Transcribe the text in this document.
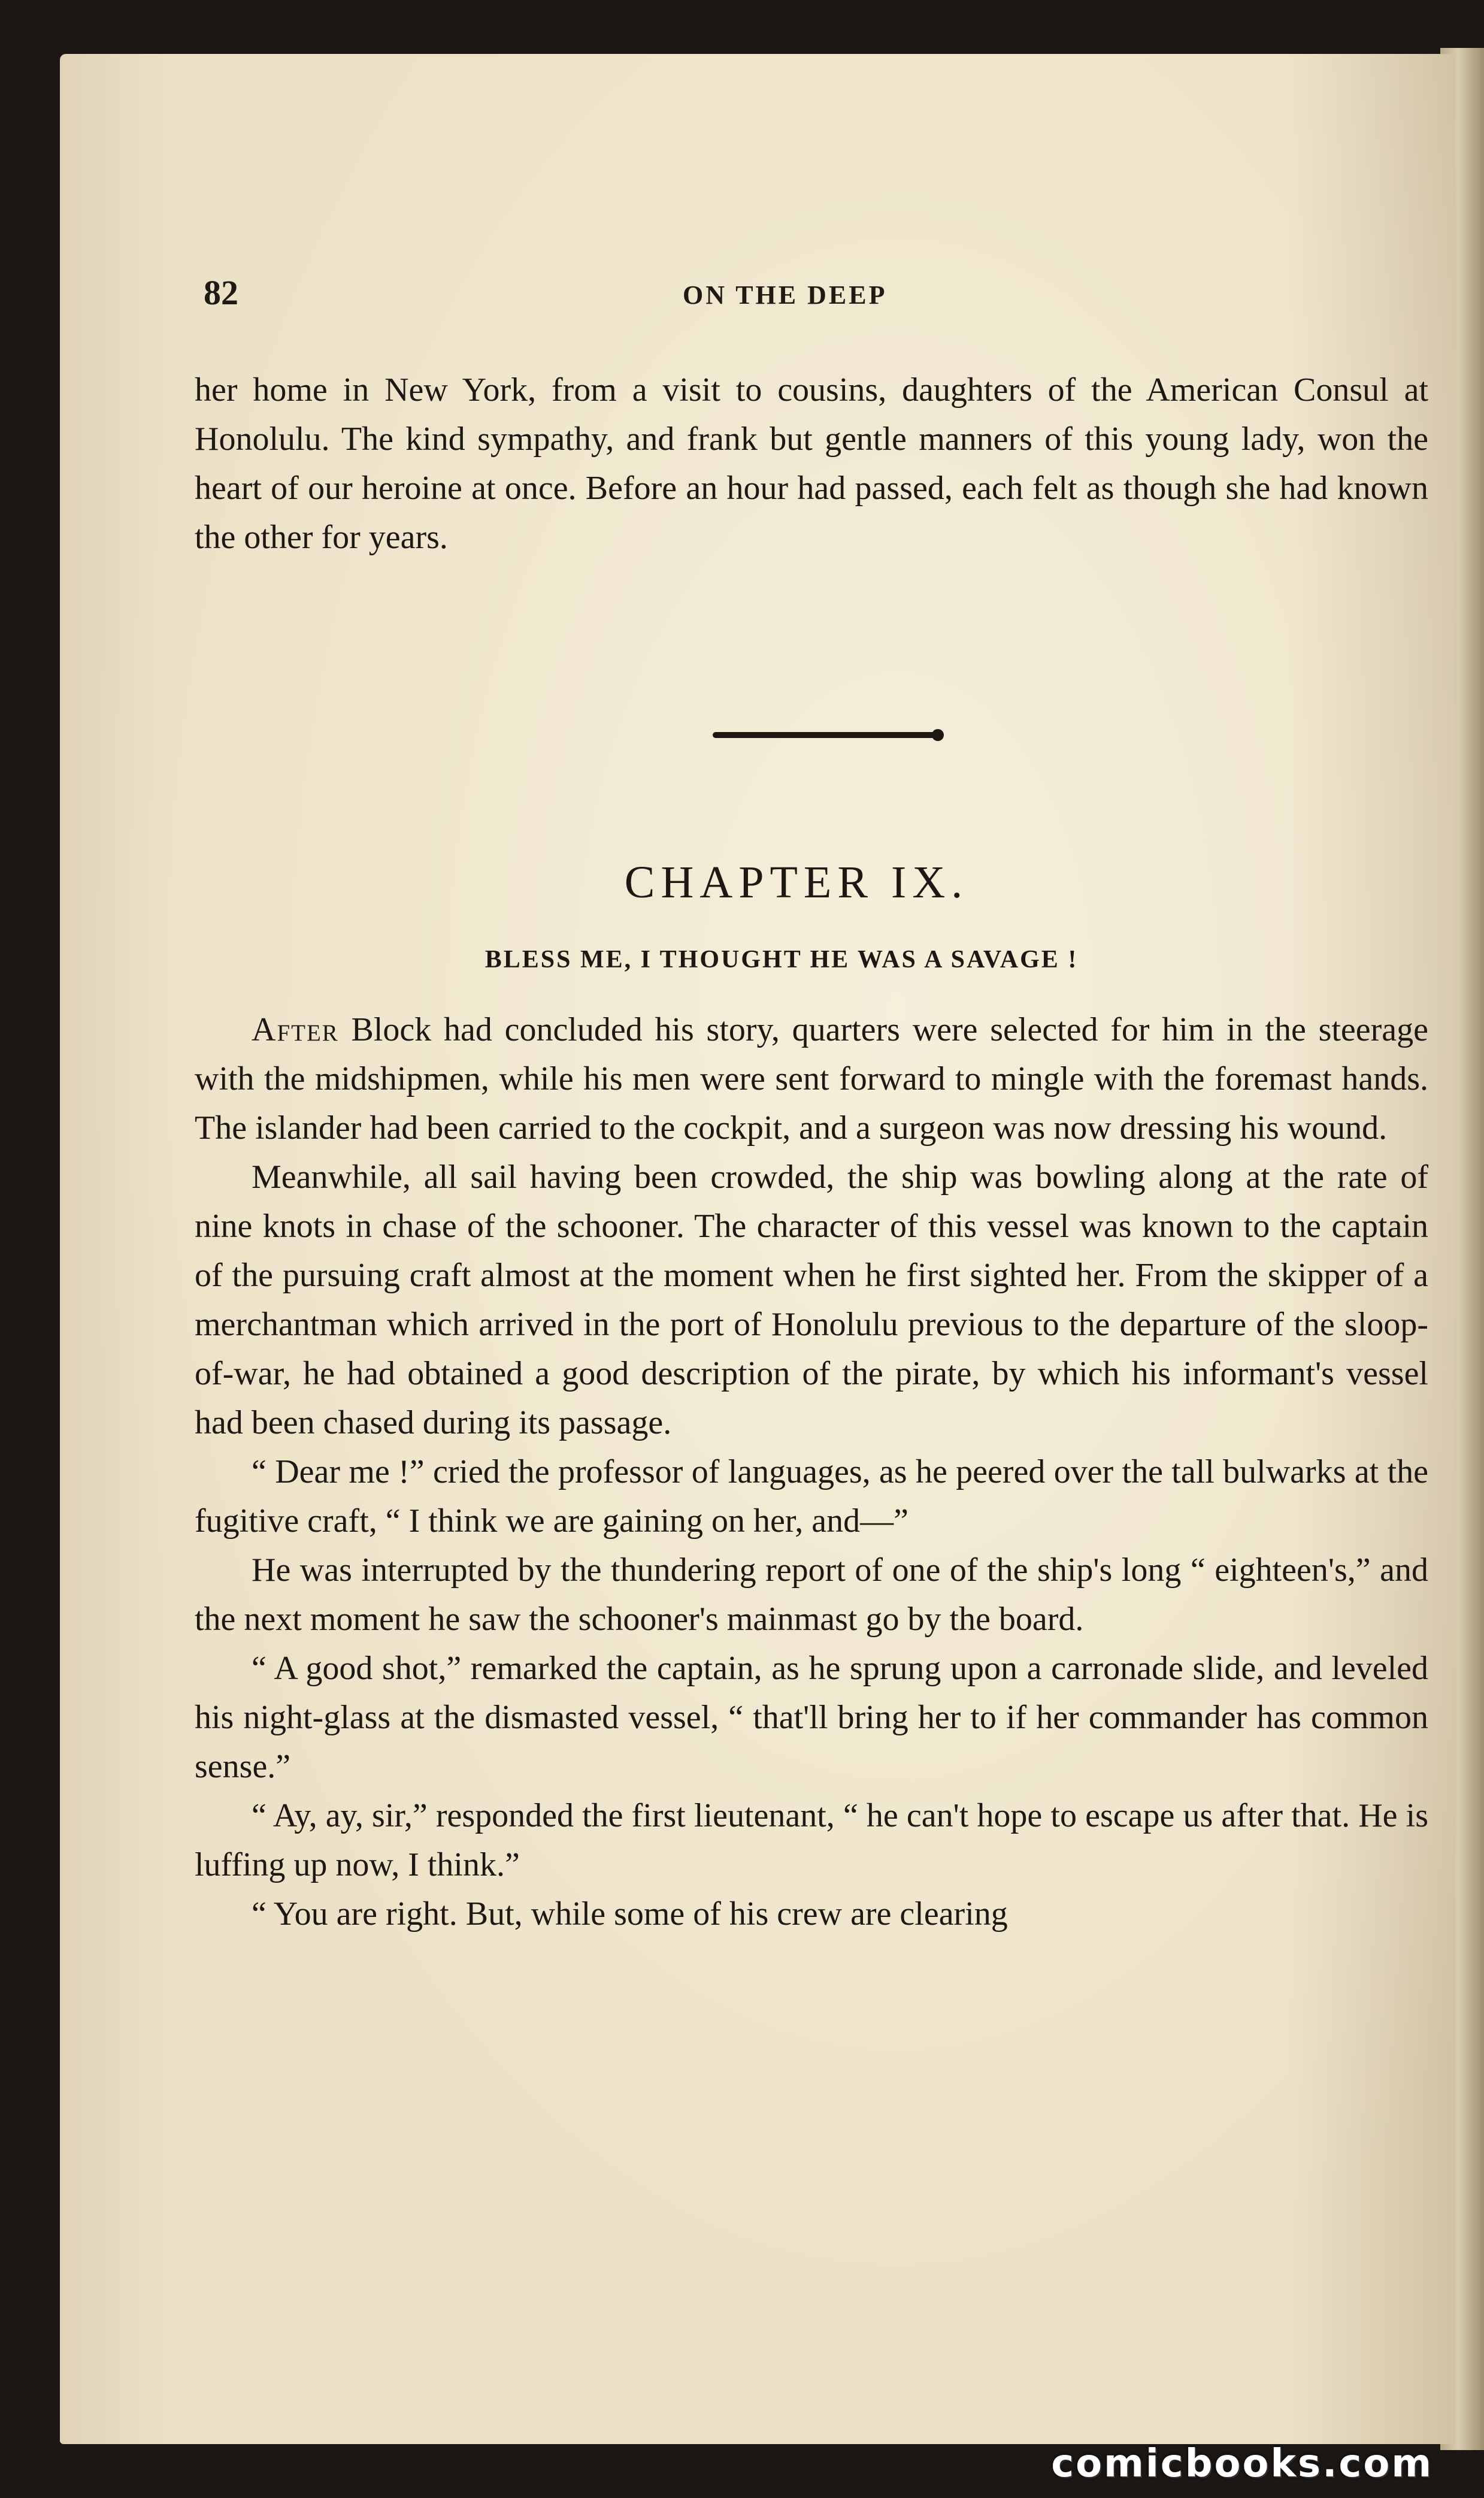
82	ON THE DEEP

her home in New York, from a visit to cousins, daughters of the American Consul at Honolulu. The kind sympathy, and frank but gentle manners of this young lady, won the heart of our heroine at once. Before an hour had passed, each felt as though she had known the other for years.

CHAPTER IX.
BLESS ME, I THOUGHT HE WAS A SAVAGE !

After Block had concluded his story, quarters were selected for him in the steerage with the midshipmen, while his men were sent forward to mingle with the foremast hands. The islander had been carried to the cockpit, and a surgeon was now dressing his wound.

Meanwhile, all sail having been crowded, the ship was bowling along at the rate of nine knots in chase of the schooner. The character of this vessel was known to the captain of the pursuing craft almost at the moment when he first sighted her. From the skipper of a merchantman which arrived in the port of Honolulu previous to the departure of the sloop-of-war, he had obtained a good description of the pirate, by which his informant's vessel had been chased during its passage.

“ Dear me !” cried the professor of languages, as he peered over the tall bulwarks at the fugitive craft, “ I think we are gaining on her, and—”

He was interrupted by the thundering report of one of the ship's long “ eighteen's,” and the next moment he saw the schooner's mainmast go by the board.

“ A good shot,” remarked the captain, as he sprung upon a carronade slide, and leveled his night-glass at the dismasted vessel, “ that'll bring her to if her commander has common sense.”

“ Ay, ay, sir,” responded the first lieutenant, “ he can't hope to escape us after that. He is luffing up now, I think.”

“ You are right. But, while some of his crew are clearing

comicbooks.com
